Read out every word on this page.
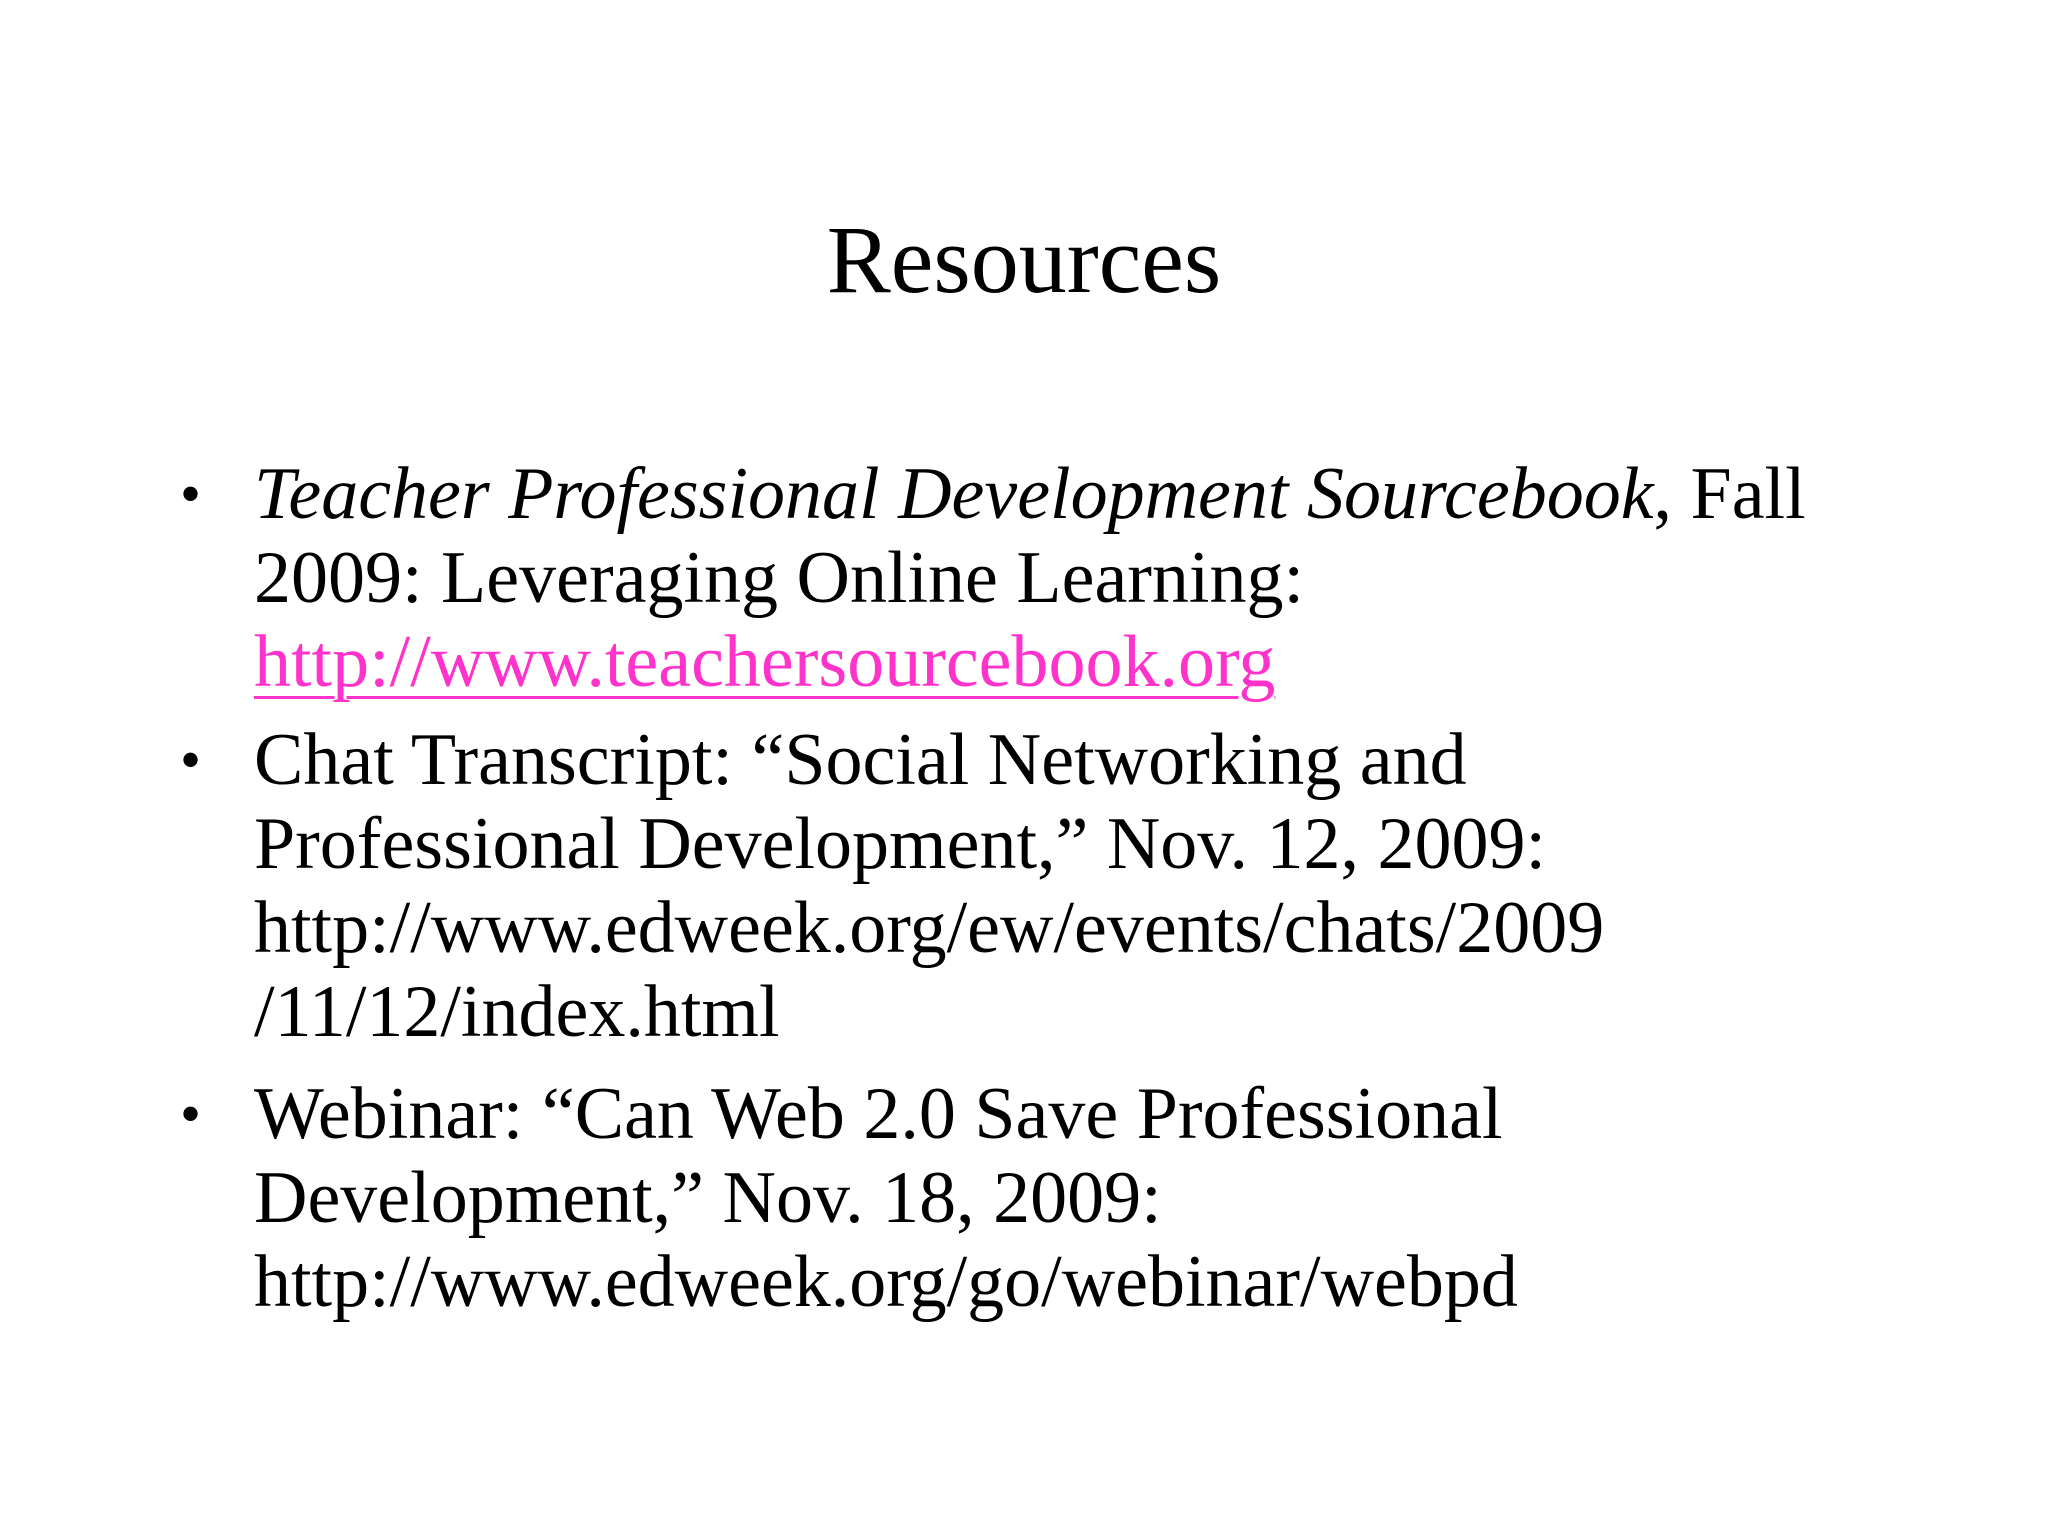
Resources
• Teacher Professional Development Sourcebook, Fall
2009: Leveraging Online Learning:
http://www.teachersourcebook.org
• Chat Transcript: “Social Networking and
Professional Development,” Nov. 12, 2009:
http://www.edweek.org/ew/events/chats/2009
/11/12/index.html
• Webinar: “Can Web 2.0 Save Professional
Development,” Nov. 18, 2009:
http://www.edweek.org/go/webinar/webpd
